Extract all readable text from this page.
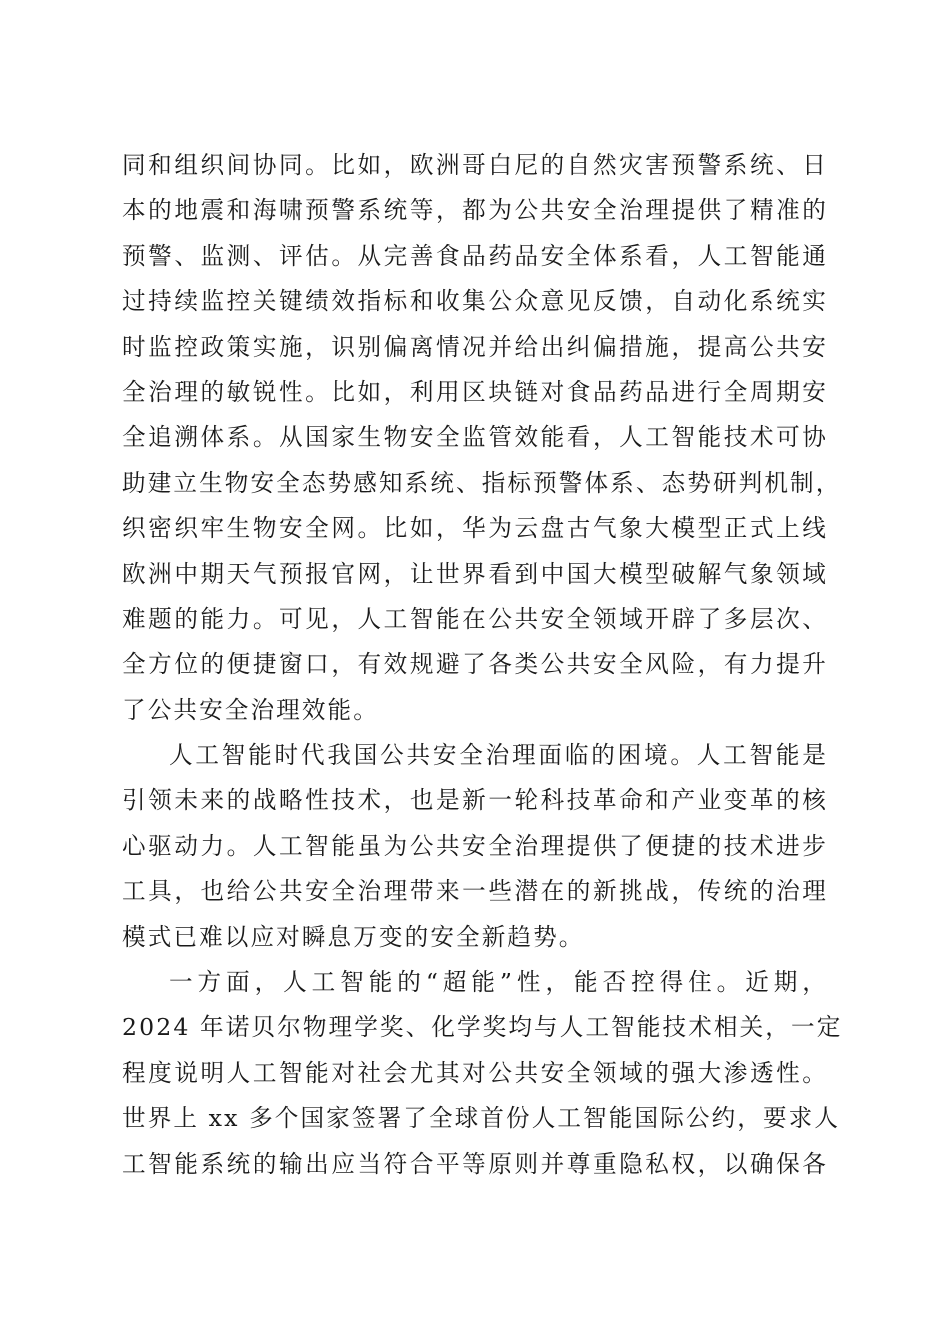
同和组织间协同。比如，欧洲哥白尼的自然灾害预警系统、日
本的地震和海啸预警系统等，都为公共安全治理提供了精准的
预警、监测、评估。从完善食品药品安全体系看，人工智能通
过持续监控关键绩效指标和收集公众意见反馈，自动化系统实
时监控政策实施，识别偏离情况并给出纠偏措施，提高公共安
全治理的敏锐性。比如，利用区块链对食品药品进行全周期安
全追溯体系。从国家生物安全监管效能看，人工智能技术可协
助建立生物安全态势感知系统、指标预警体系、态势研判机制，
织密织牢生物安全网。比如，华为云盘古气象大模型正式上线
欧洲中期天气预报官网，让世界看到中国大模型破解气象领域
难题的能力。可见，人工智能在公共安全领域开辟了多层次、
全方位的便捷窗口，有效规避了各类公共安全风险，有力提升
了公共安全治理效能。
人工智能时代我国公共安全治理面临的困境。人工智能是
引领未来的战略性技术，也是新一轮科技革命和产业变革的核
心驱动力。人工智能虽为公共安全治理提供了便捷的技术进步
工具，也给公共安全治理带来一些潜在的新挑战，传统的治理
模式已难以应对瞬息万变的安全新趋势。
一方面，人工智能的“超能”性，能否控得住。近期，
2024 年诺贝尔物理学奖、化学奖均与人工智能技术相关，一定
程度说明人工智能对社会尤其对公共安全领域的强大渗透性。
世界上 xx 多个国家签署了全球首份人工智能国际公约，要求人
工智能系统的输出应当符合平等原则并尊重隐私权，以确保各
